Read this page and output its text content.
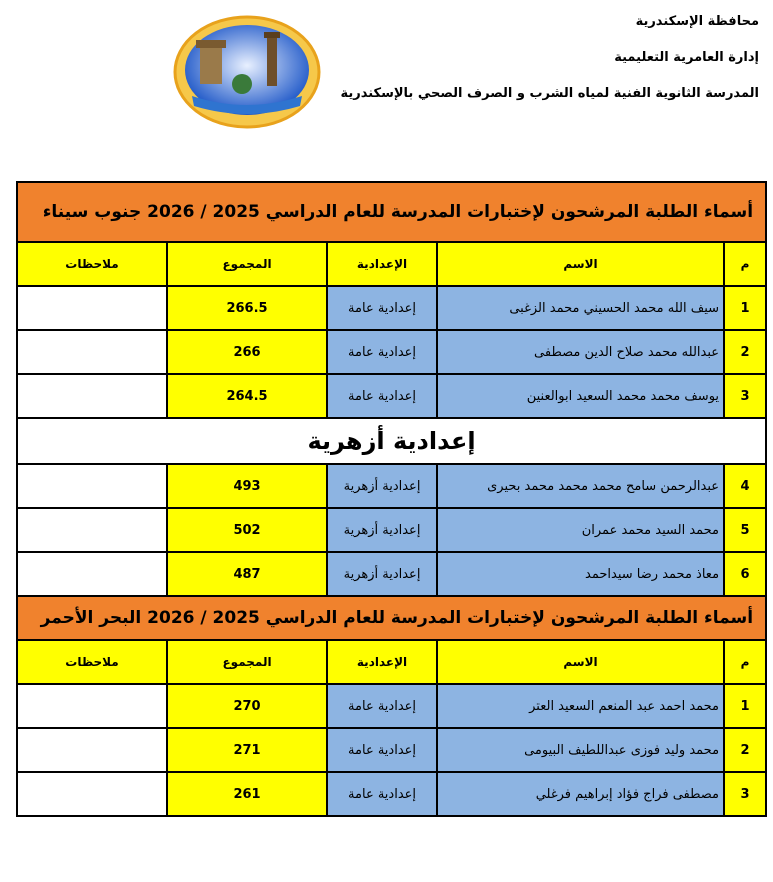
محافظة الإسكندرية
إدارة العامرية التعليمية
المدرسة الثانوية الفنية لمياه الشرب و الصرف الصحي بالإسكندرية
أسماء الطلبة المرشحون لإختبارات المدرسة للعام الدراسي 2025 / 2026 جنوب سيناء				
م	الاسم	الإعدادية	المجموع	ملاحظات
1	سيف الله محمد الحسيني محمد الزغبى	إعدادية عامة	266.5	
2	عبدالله محمد صلاح الدين مصطفى	إعدادية عامة	266	
3	يوسف محمد محمد السعيد ابوالعنين	إعدادية عامة	264.5	
إعدادية أزهرية				
4	عبدالرحمن سامح محمد محمد محمد بحيرى	إعدادية أزهرية	493	
5	محمد السيد محمد عمران	إعدادية أزهرية	502	
6	معاذ محمد رضا سيداحمد	إعدادية أزهرية	487	
أسماء الطلبة المرشحون لإختبارات المدرسة للعام الدراسي 2025 / 2026 البحر الأحمر				
م	الاسم	الإعدادية	المجموع	ملاحظات
1	محمد احمد عبد المنعم السعيد العتر	إعدادية عامة	270	
2	محمد وليد فوزى عبداللطيف البيومى	إعدادية عامة	271	
3	مصطفى فراج فؤاد إبراهيم فرغلي	إعدادية عامة	261	
